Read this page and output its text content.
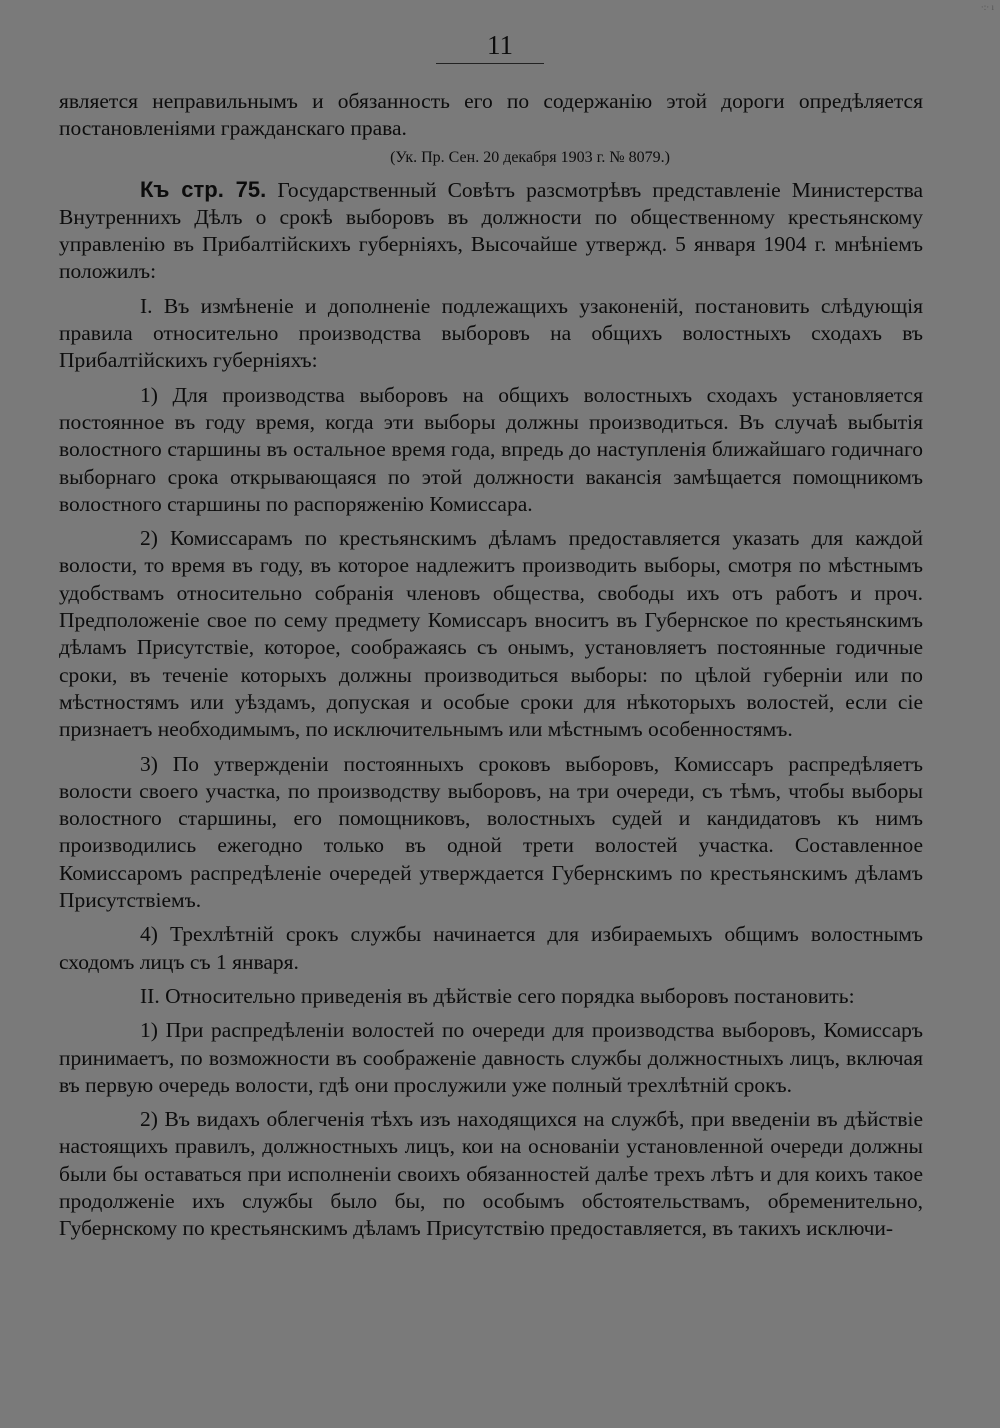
·:· ı
11

является неправильнымъ и обязанность его по содержанію этой дороги опредѣляется постановленіями гражданскаго права.

(Ук. Пр. Сен. 20 декабря 1903 г. № 8079.)

Къ стр. 75. Государственный Совѣтъ разсмотрѣвъ представленіе Министерства Внутреннихъ Дѣлъ о срокѣ выборовъ въ должности по общественному крестьянскому управленію въ Прибалтійскихъ губерніяхъ, Высочайше утвержд. 5 января 1904 г. мнѣніемъ положилъ:

I. Въ измѣненіе и дополненіе подлежащихъ узаконеній, постановить слѣдующія правила относительно производства выборовъ на общихъ волостныхъ сходахъ въ Прибалтійскихъ губерніяхъ:

1) Для производства выборовъ на общихъ волостныхъ сходахъ установляется постоянное въ году время, когда эти выборы должны производиться. Въ случаѣ выбытія волостного старшины въ остальное время года, впредь до наступленія ближайшаго годичнаго выборнаго срока открывающаяся по этой должности вакансія замѣщается помощникомъ волостного старшины по распоряженію Комиссара.

2) Комиссарамъ по крестьянскимъ дѣламъ предоставляется указать для каждой волости, то время въ году, въ которое надлежитъ производить выборы, смотря по мѣстнымъ удобствамъ относительно собранія членовъ общества, свободы ихъ отъ работъ и проч. Предположеніе свое по сему предмету Комиссаръ вноситъ въ Губернское по крестьянскимъ дѣламъ Присутствіе, которое, соображаясь съ онымъ, установляетъ постоянные годичные сроки, въ теченіе которыхъ должны производиться выборы: по цѣлой губерніи или по мѣстностямъ или уѣздамъ, допуская и особые сроки для нѣкоторыхъ волостей, если сіе признаетъ необходимымъ, по исключительнымъ или мѣстнымъ особенностямъ.

3) По утвержденіи постоянныхъ сроковъ выборовъ, Комиссаръ распредѣляетъ волости своего участка, по производству выборовъ, на три очереди, съ тѣмъ, чтобы выборы волостного старшины, его помощниковъ, волостныхъ судей и кандидатовъ къ нимъ производились ежегодно только въ одной трети волостей участка. Составленное Комиссаромъ распредѣленіе очередей утверждается Губернскимъ по крестьянскимъ дѣламъ Присутствіемъ.

4) Трехлѣтній срокъ службы начинается для избираемыхъ общимъ волостнымъ сходомъ лицъ съ 1 января.

II. Относительно приведенія въ дѣйствіе сего порядка выборовъ постановить:

1) При распредѣленіи волостей по очереди для производства выборовъ, Комиссаръ принимаетъ, по возможности въ соображеніе давность службы должностныхъ лицъ, включая въ первую очередь волости, гдѣ они прослужили уже полный трехлѣтній срокъ.

2) Въ видахъ облегченія тѣхъ изъ находящихся на службѣ, при введеніи въ дѣйствіе настоящихъ правилъ, должностныхъ лицъ, кои на основаніи установленной очереди должны были бы оставаться при исполненіи своихъ обязанностей далѣе трехъ лѣтъ и для коихъ такое продолженіе ихъ службы было бы, по особымъ обстоятельствамъ, обременительно, Губернскому по крестьянскимъ дѣламъ Присутствію предоставляется, въ такихъ исключи-
